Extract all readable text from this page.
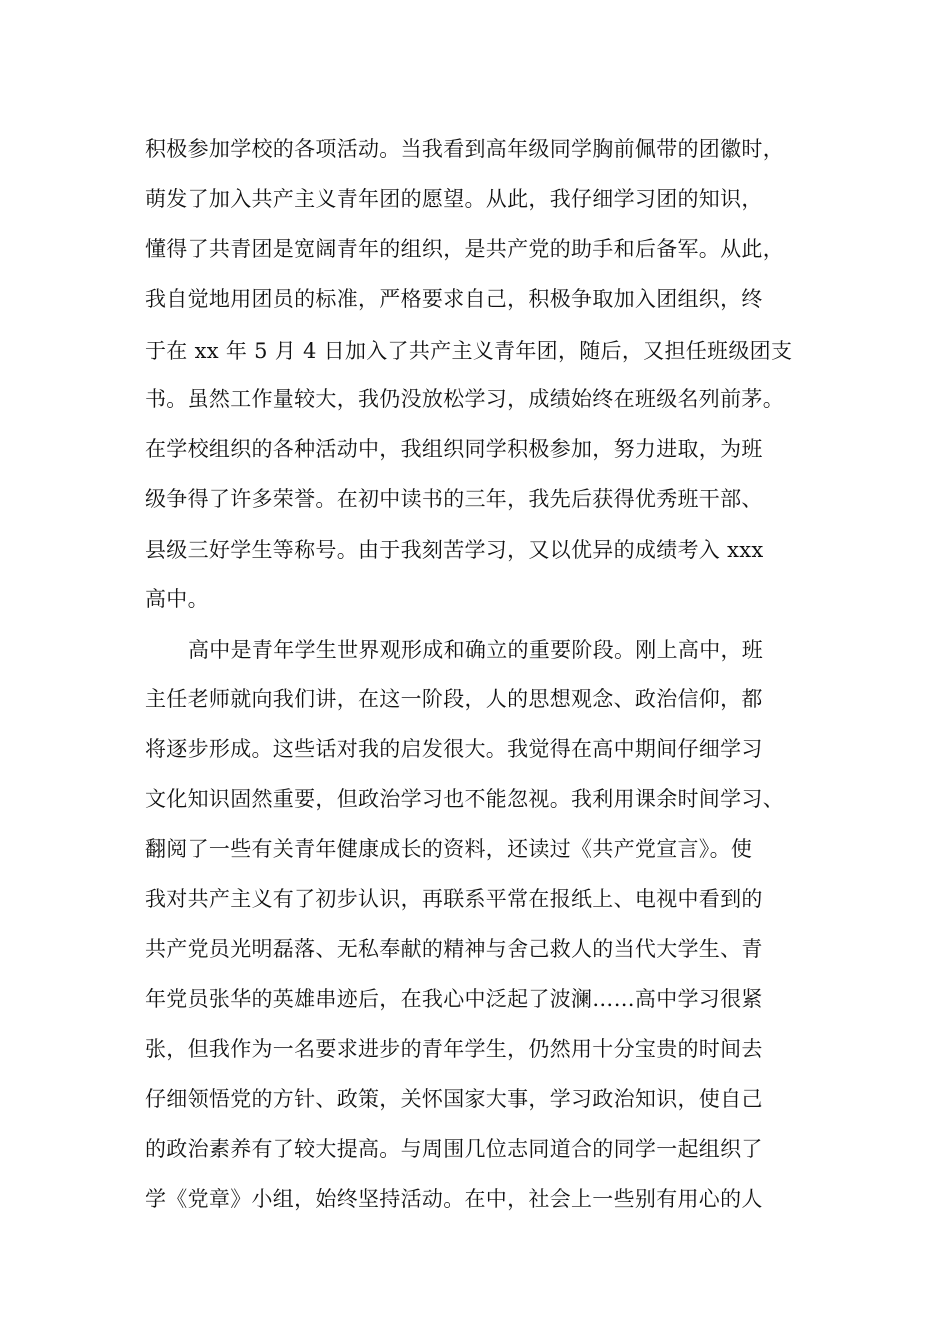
积极参加学校的各项活动。当我看到高年级同学胸前佩带的团徽时，
萌发了加入共产主义青年团的愿望。从此，我仔细学习团的知识，
懂得了共青团是宽阔青年的组织，是共产党的助手和后备军。从此，
我自觉地用团员的标准，严格要求自己，积极争取加入团组织，终
于在 xx 年 5 月 4 日加入了共产主义青年团，随后，又担任班级团支
书。虽然工作量较大，我仍没放松学习，成绩始终在班级名列前茅。
在学校组织的各种活动中，我组织同学积极参加，努力进取，为班
级争得了许多荣誉。在初中读书的三年，我先后获得优秀班干部、
县级三好学生等称号。由于我刻苦学习，又以优异的成绩考入 xxx
高中。
高中是青年学生世界观形成和确立的重要阶段。刚上高中，班
主任老师就向我们讲，在这一阶段，人的思想观念、政治信仰，都
将逐步形成。这些话对我的启发很大。我觉得在高中期间仔细学习
文化知识固然重要，但政治学习也不能忽视。我利用课余时间学习、
翻阅了一些有关青年健康成长的资料，还读过《共产党宣言》。使
我对共产主义有了初步认识，再联系平常在报纸上、电视中看到的
共产党员光明磊落、无私奉献的精神与舍己救人的当代大学生、青
年党员张华的英雄串迹后，在我心中泛起了波澜……高中学习很紧
张，但我作为一名要求进步的青年学生，仍然用十分宝贵的时间去
仔细领悟党的方针、政策，关怀国家大事，学习政治知识，使自己
的政治素养有了较大提高。与周围几位志同道合的同学一起组织了
学《党章》小组，始终坚持活动。在中，社会上一些别有用心的人
